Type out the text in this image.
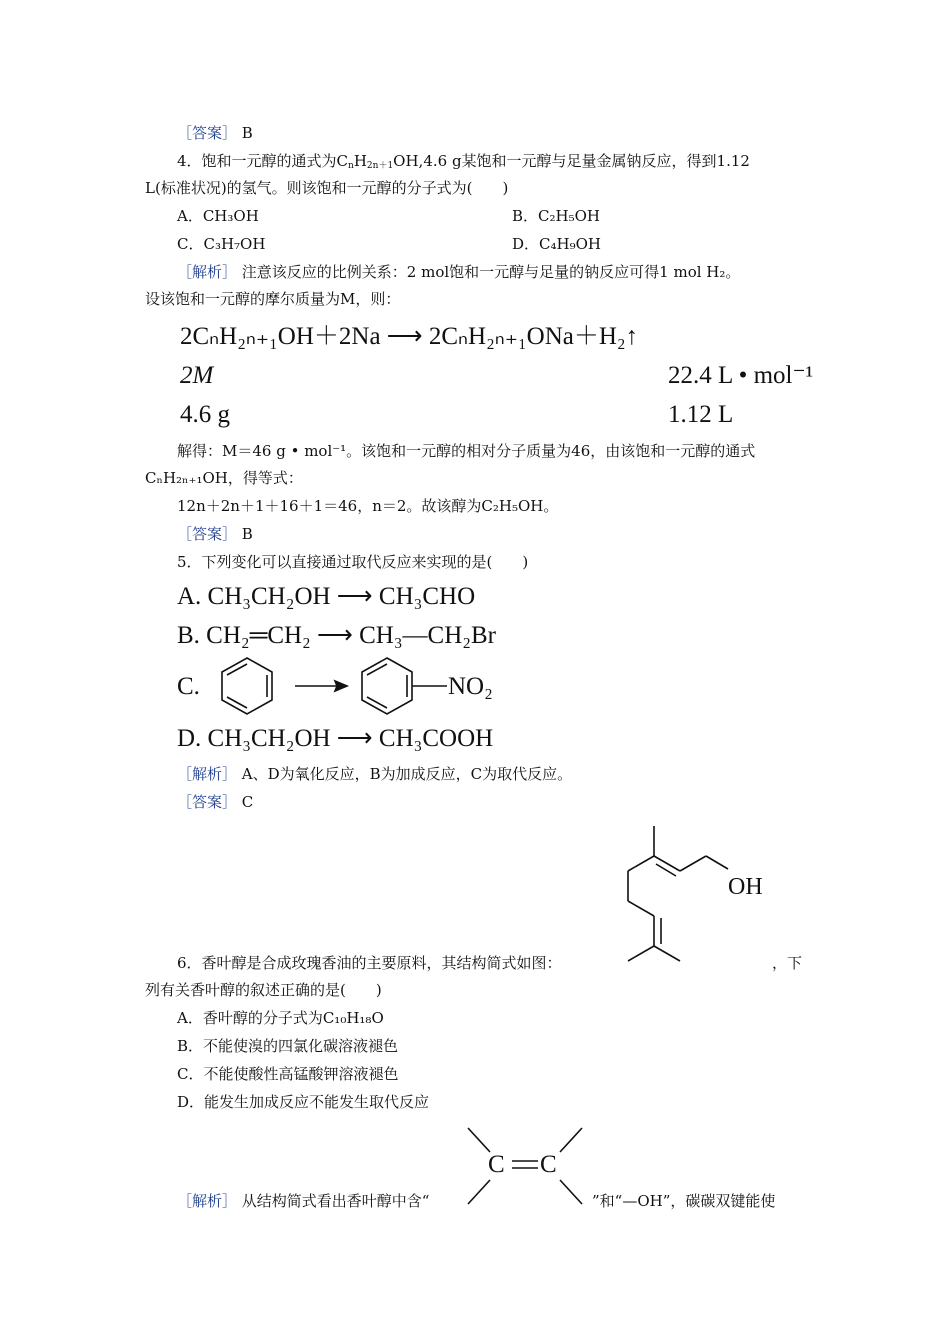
［答案］ B
4．饱和一元醇的通式为$C_nH_{2n+1}OH,4.6$ g某饱和一元醇与足量金属钠反应，得到1.12
L(标准状况)的氢气。则该饱和一元醇的分子式为(　　)
A．CH₃OH	B．C₂H₅OH
C．C₃H₇OH	D．C₄H₉OH
［解析］ 注意该反应的比例关系：2 mol饱和一元醇与足量的钠反应可得1 mol H₂。
设该饱和一元醇的摩尔质量为M，则：
2CₙH₂ₙ₊₁OH＋2Na ⟶ 2CₙH₂ₙ₊₁ONa＋H₂↑
2M	22.4 L • mol⁻¹
4.6 g	1.12 L
解得：M＝46 g • mol⁻¹。该饱和一元醇的相对分子质量为46，由该饱和一元醇的通式
CₙH₂ₙ₊₁OH，得等式：
12n＋2n＋1＋16＋1＝46，n＝2。故该醇为C₂H₅OH。
［答案］ B
5．下列变化可以直接通过取代反应来实现的是(　　)
A. CH₃CH₂OH ⟶ CH₃CHO
B. CH₂═CH₂ ⟶ CH₃—CH₂Br
C.	NO₂
D. CH₃CH₂OH ⟶ CH₃COOH
［解析］ A、D为氧化反应，B为加成反应，C为取代反应。
［答案］ C
OH
6．香叶醇是合成玫瑰香油的主要原料，其结构简式如图：	，下
列有关香叶醇的叙述正确的是(　　)
A．香叶醇的分子式为C₁₀H₁₈O
B．不能使溴的四氯化碳溶液褪色
C．不能使酸性高锰酸钾溶液褪色
D．能发生加成反应不能发生取代反应
C C
［解析］ 从结构简式看出香叶醇中含“	”和“—OH”，碳碳双键能使
